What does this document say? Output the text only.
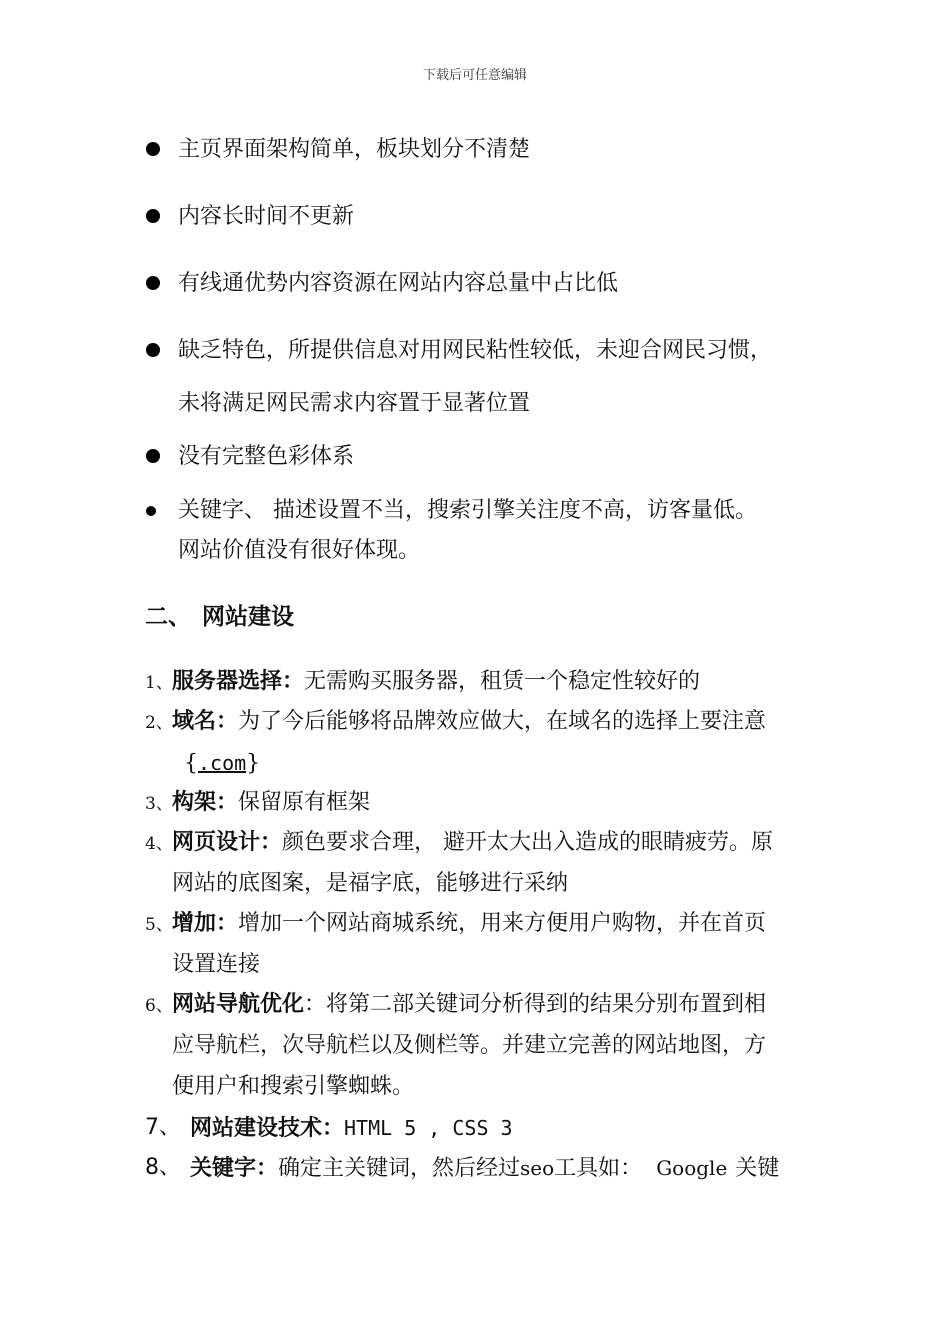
下载后可任意编辑
主页界面架构简单，板块划分不清楚
内容长时间不更新
有线通优势内容资源在网站内容总量中占比低
缺乏特色，所提供信息对用网民粘性较低，未迎合网民习惯，
未将满足网民需求内容置于显著位置
没有完整色彩体系
关键字、 描述设置不当，搜索引擎关注度不高，访客量低。
网站价值没有很好体现。
二、 网站建设
1、 服务器选择：无需购买服务器，租赁一个稳定性较好的
2、 域名：为了今后能够将品牌效应做大，在域名的选择上要注意
{.com}
3、 构架：保留原有框架
4、 网页设计：颜色要求合理， 避开太大出入造成的眼睛疲劳。原
网站的底图案，是福字底，能够进行采纳
5、 增加：增加一个网站商城系统，用来方便用户购物，并在首页
设置连接
6、 网站导航优化：将第二部关键词分析得到的结果分别布置到相
应导航栏，次导航栏以及侧栏等。并建立完善的网站地图，方
便用户和搜索引擎蜘蛛。
7、 网站建设技术：HTML 5 , CSS 3
8、 关键字：确定主关键词，然后经过seo工具如： Google 关键
